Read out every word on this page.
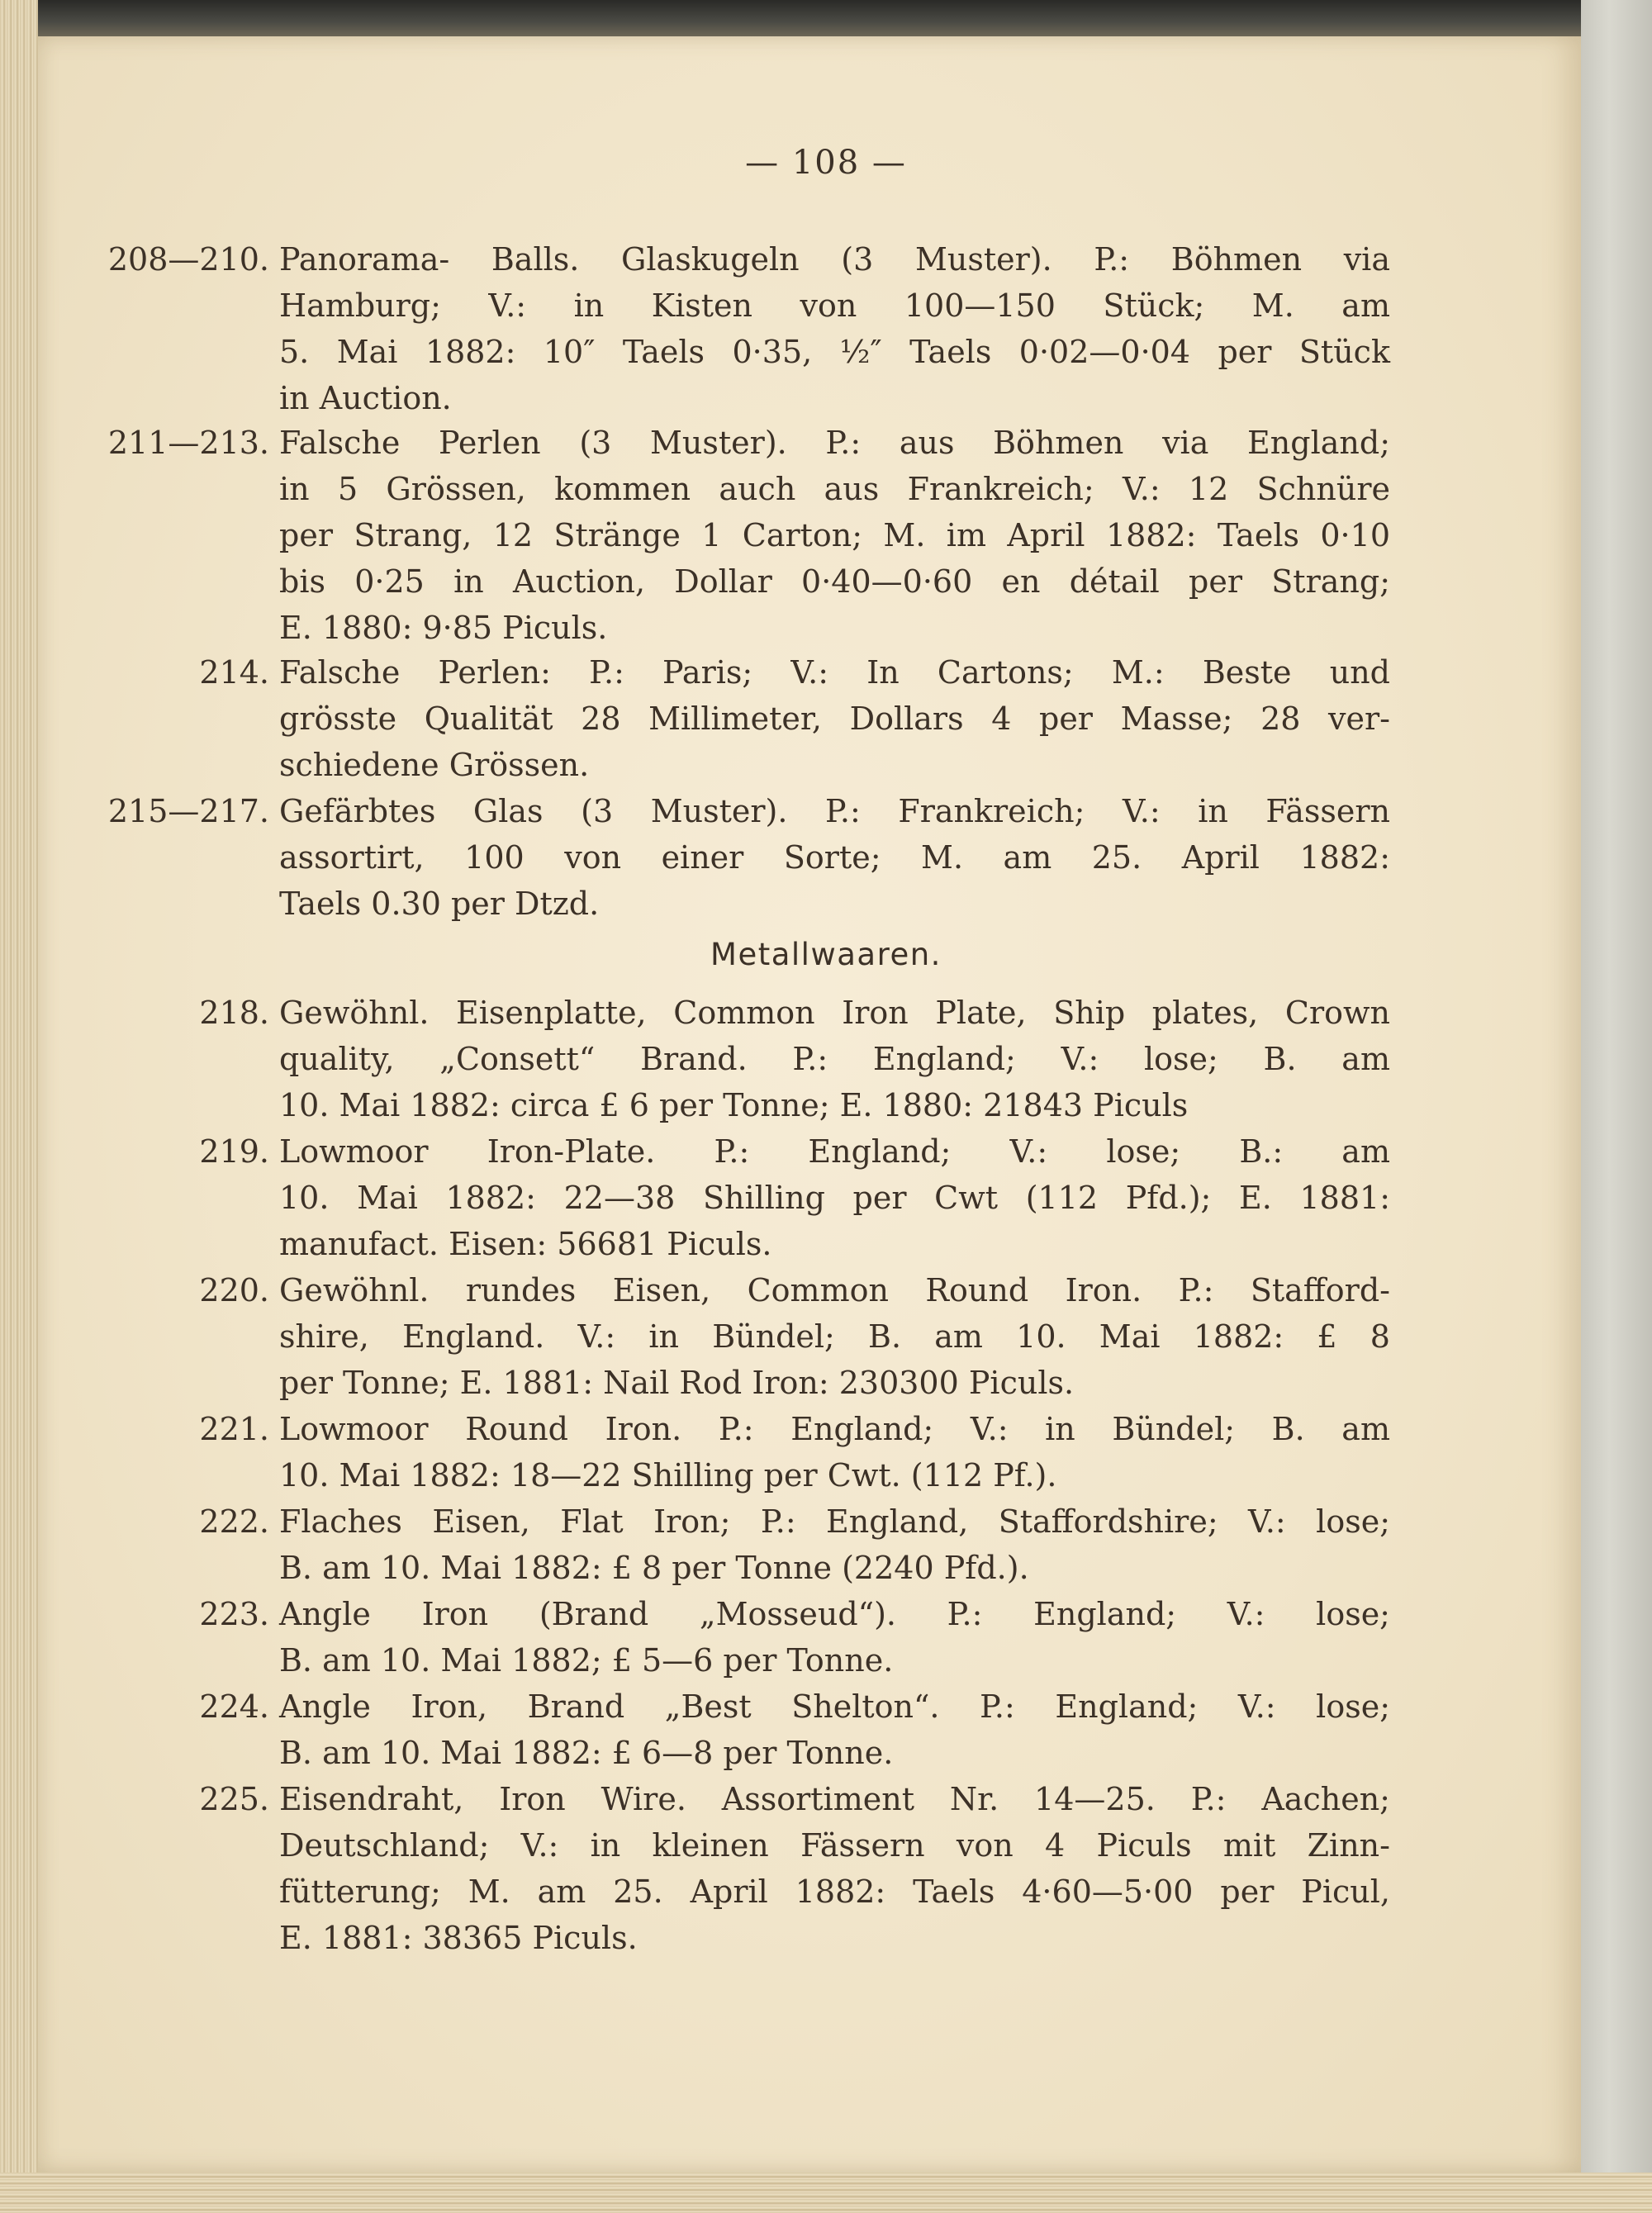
— 108 —
208—210. Panorama- Balls. Glaskugeln (3 Muster). P.: Böhmen via
Hamburg; V.: in Kisten von 100—150 Stück; M. am
5. Mai 1882: 10″ Taels 0·35, ½″ Taels 0·02—0·04 per Stück
in Auction.
211—213. Falsche Perlen (3 Muster). P.: aus Böhmen via England;
in 5 Grössen, kommen auch aus Frankreich; V.: 12 Schnüre
per Strang, 12 Stränge 1 Carton; M. im April 1882: Taels 0·10
bis 0·25 in Auction, Dollar 0·40—0·60 en détail per Strang;
E. 1880: 9·85 Piculs.
214. Falsche Perlen: P.: Paris; V.: In Cartons; M.: Beste und
grösste Qualität 28 Millimeter, Dollars 4 per Masse; 28 ver-
schiedene Grössen.
215—217. Gefärbtes Glas (3 Muster). P.: Frankreich; V.: in Fässern
assortirt, 100 von einer Sorte; M. am 25. April 1882:
Taels 0.30 per Dtzd.
Metallwaaren.
218. Gewöhnl. Eisenplatte, Common Iron Plate, Ship plates, Crown
quality, „Consett“ Brand. P.: England; V.: lose; B. am
10. Mai 1882: circa £ 6 per Tonne; E. 1880: 21843 Piculs
219. Lowmoor Iron-Plate. P.: England; V.: lose; B.: am
10. Mai 1882: 22—38 Shilling per Cwt (112 Pfd.); E. 1881:
manufact. Eisen: 56681 Piculs.
220. Gewöhnl. rundes Eisen, Common Round Iron. P.: Stafford-
shire, England. V.: in Bündel; B. am 10. Mai 1882: £ 8
per Tonne; E. 1881: Nail Rod Iron: 230300 Piculs.
221. Lowmoor Round Iron. P.: England; V.: in Bündel; B. am
10. Mai 1882: 18—22 Shilling per Cwt. (112 Pf.).
222. Flaches Eisen, Flat Iron; P.: England, Staffordshire; V.: lose;
B. am 10. Mai 1882: £ 8 per Tonne (2240 Pfd.).
223. Angle Iron (Brand „Mosseud“). P.: England; V.: lose;
B. am 10. Mai 1882; £ 5—6 per Tonne.
224. Angle Iron, Brand „Best Shelton“. P.: England; V.: lose;
B. am 10. Mai 1882: £ 6—8 per Tonne.
225. Eisendraht, Iron Wire. Assortiment Nr. 14—25. P.: Aachen;
Deutschland; V.: in kleinen Fässern von 4 Piculs mit Zinn-
fütterung; M. am 25. April 1882: Taels 4·60—5·00 per Picul,
E. 1881: 38365 Piculs.
